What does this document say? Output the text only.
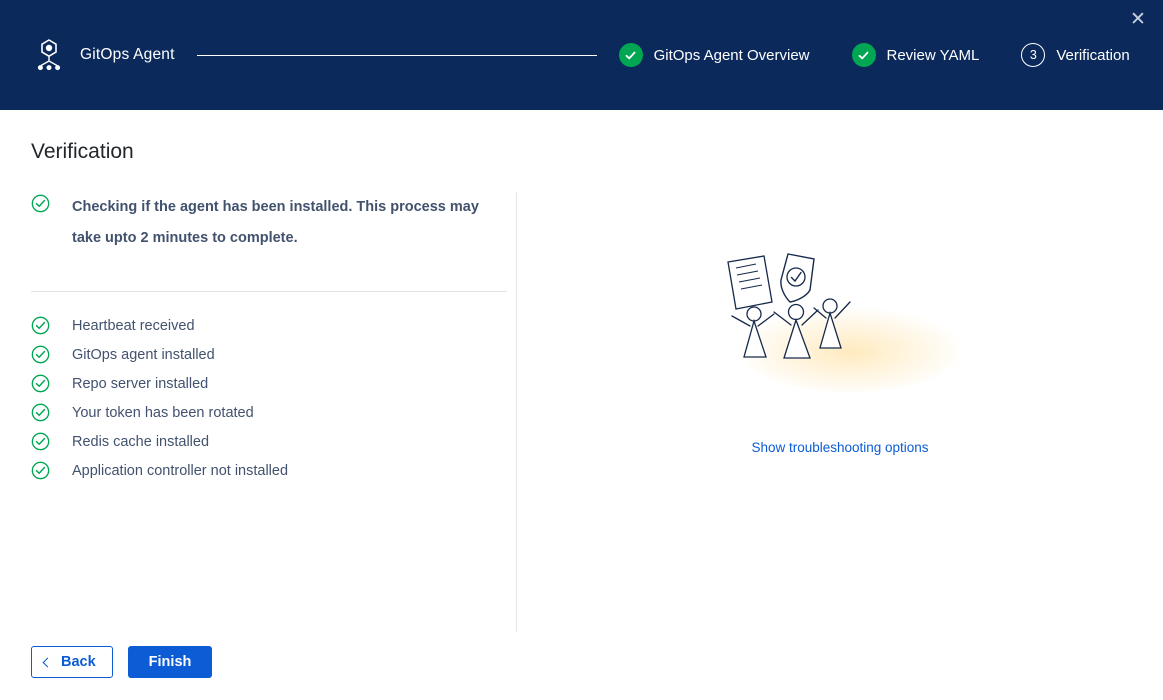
✕
GitOps Agent	GitOps Agent Overview	Review YAML	3	Verification
Verification
Checking if the agent has been installed. This process may take upto 2 minutes to complete.
Heartbeat received
GitOps agent installed
Repo server installed
Your token has been rotated
Redis cache installed
Application controller not installed
Show troubleshooting options
Back	Finish
